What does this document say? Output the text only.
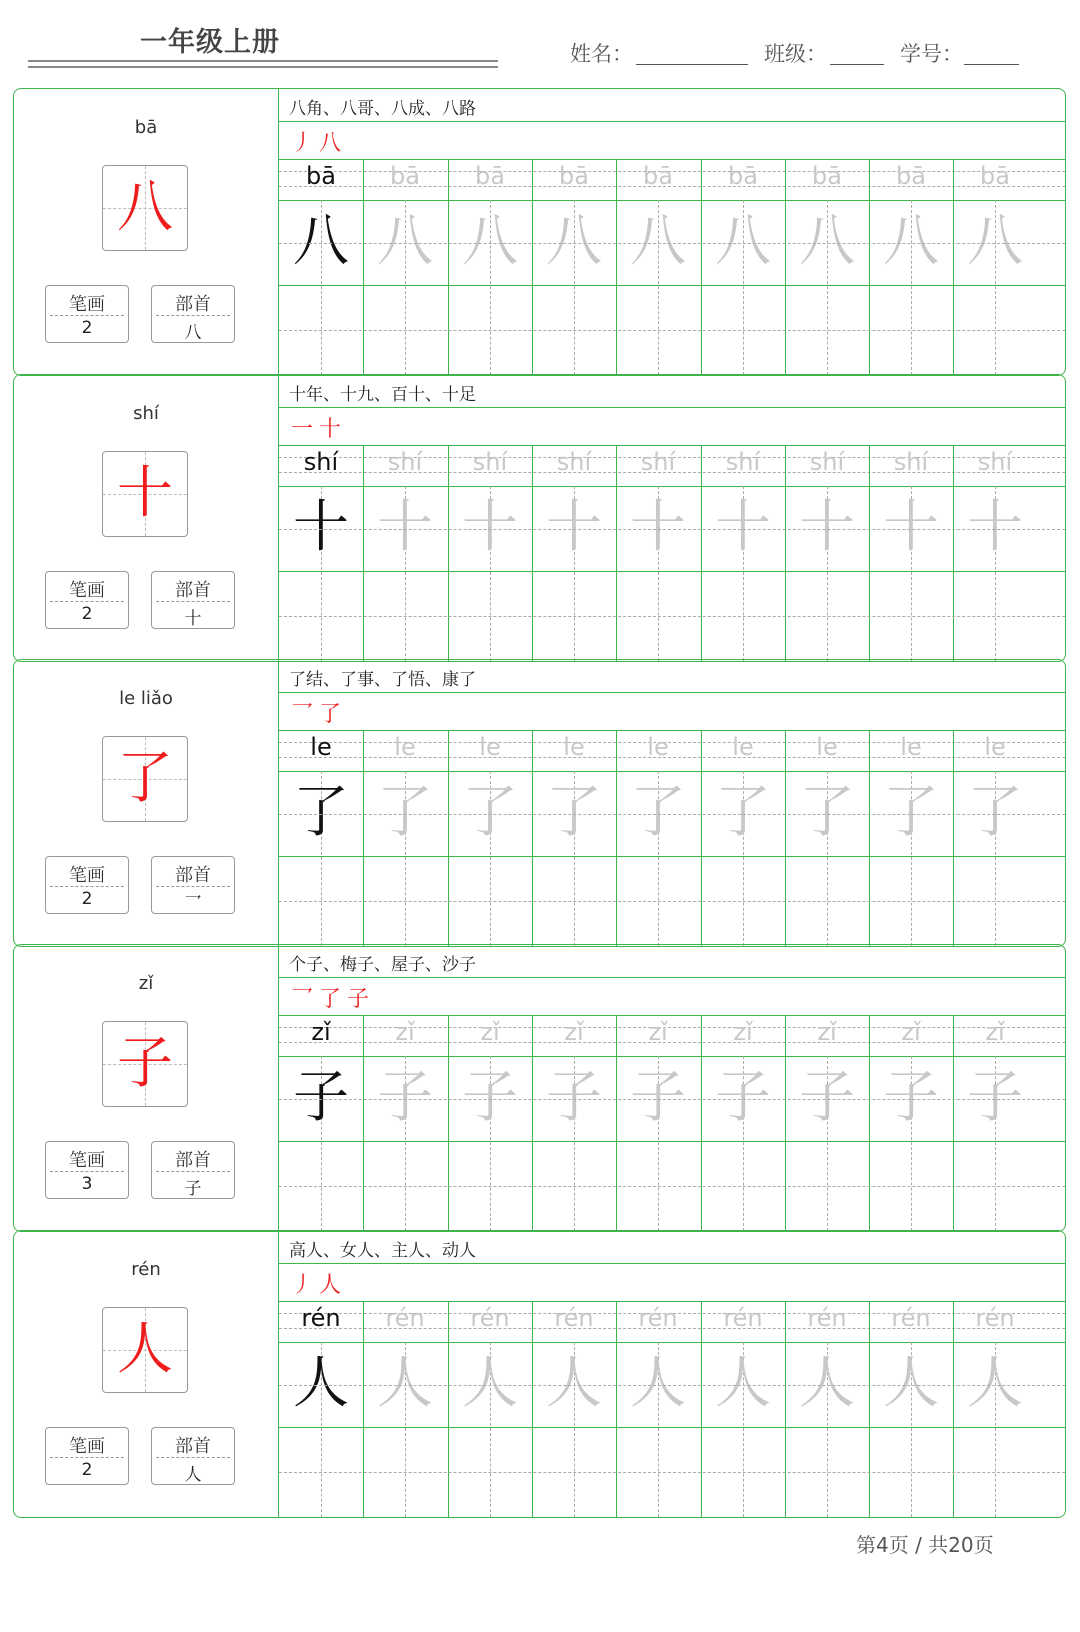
一年级上册	姓名：	班级：	学号：
bā
八
笔画
2
部首
八
八角、八哥、八成、八路
丿八
bā
八
bā
八
bā
八
bā
八
bā
八
bā
八
bā
八
bā
八
bā
八
shí
十
笔画
2
部首
十
十年、十九、百十、十足
一十
shí
十
shí
十
shí
十
shí
十
shí
十
shí
十
shí
十
shí
十
shí
十
le liǎo
了
笔画
2
部首
乛
了结、了事、了悟、康了
乛了
le
了
le
了
le
了
le
了
le
了
le
了
le
了
le
了
le
了
zǐ
子
笔画
3
部首
子
个子、梅子、屋子、沙子
乛了子
zǐ
子
zǐ
子
zǐ
子
zǐ
子
zǐ
子
zǐ
子
zǐ
子
zǐ
子
zǐ
子
rén
人
笔画
2
部首
人
高人、女人、主人、动人
丿人
rén
人
rén
人
rén
人
rén
人
rén
人
rén
人
rén
人
rén
人
rén
人
第4页 / 共20页
